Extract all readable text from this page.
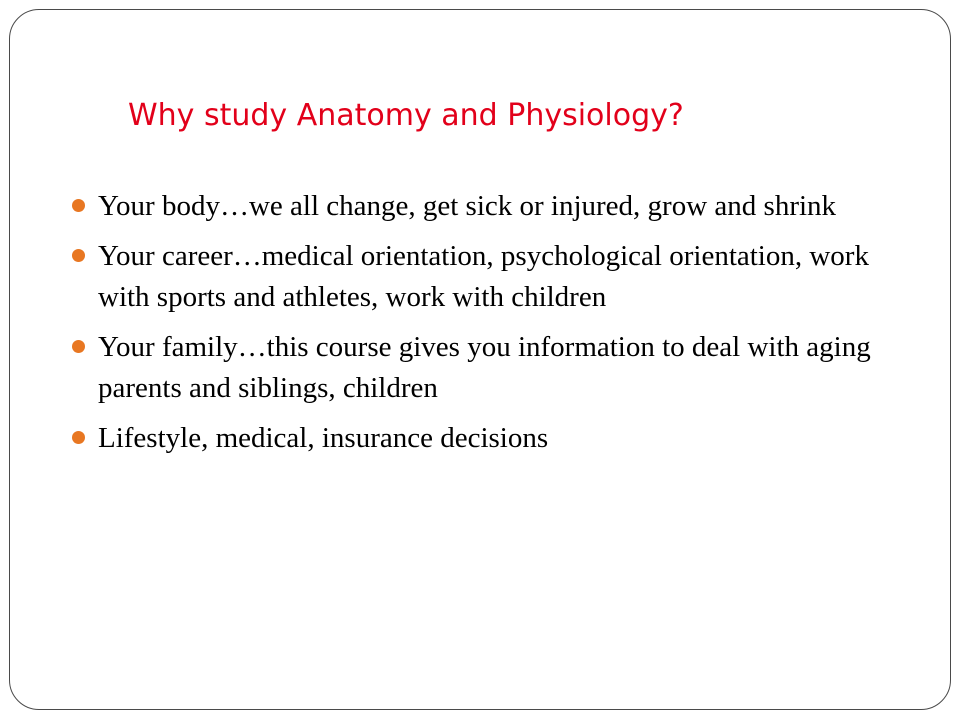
Why study Anatomy and Physiology?
Your body…we all change, get sick or injured, grow and shrink
Your career…medical orientation, psychological orientation, work with sports and athletes, work with children
Your family…this course gives you information to deal with aging parents and siblings, children
Lifestyle, medical, insurance decisions
